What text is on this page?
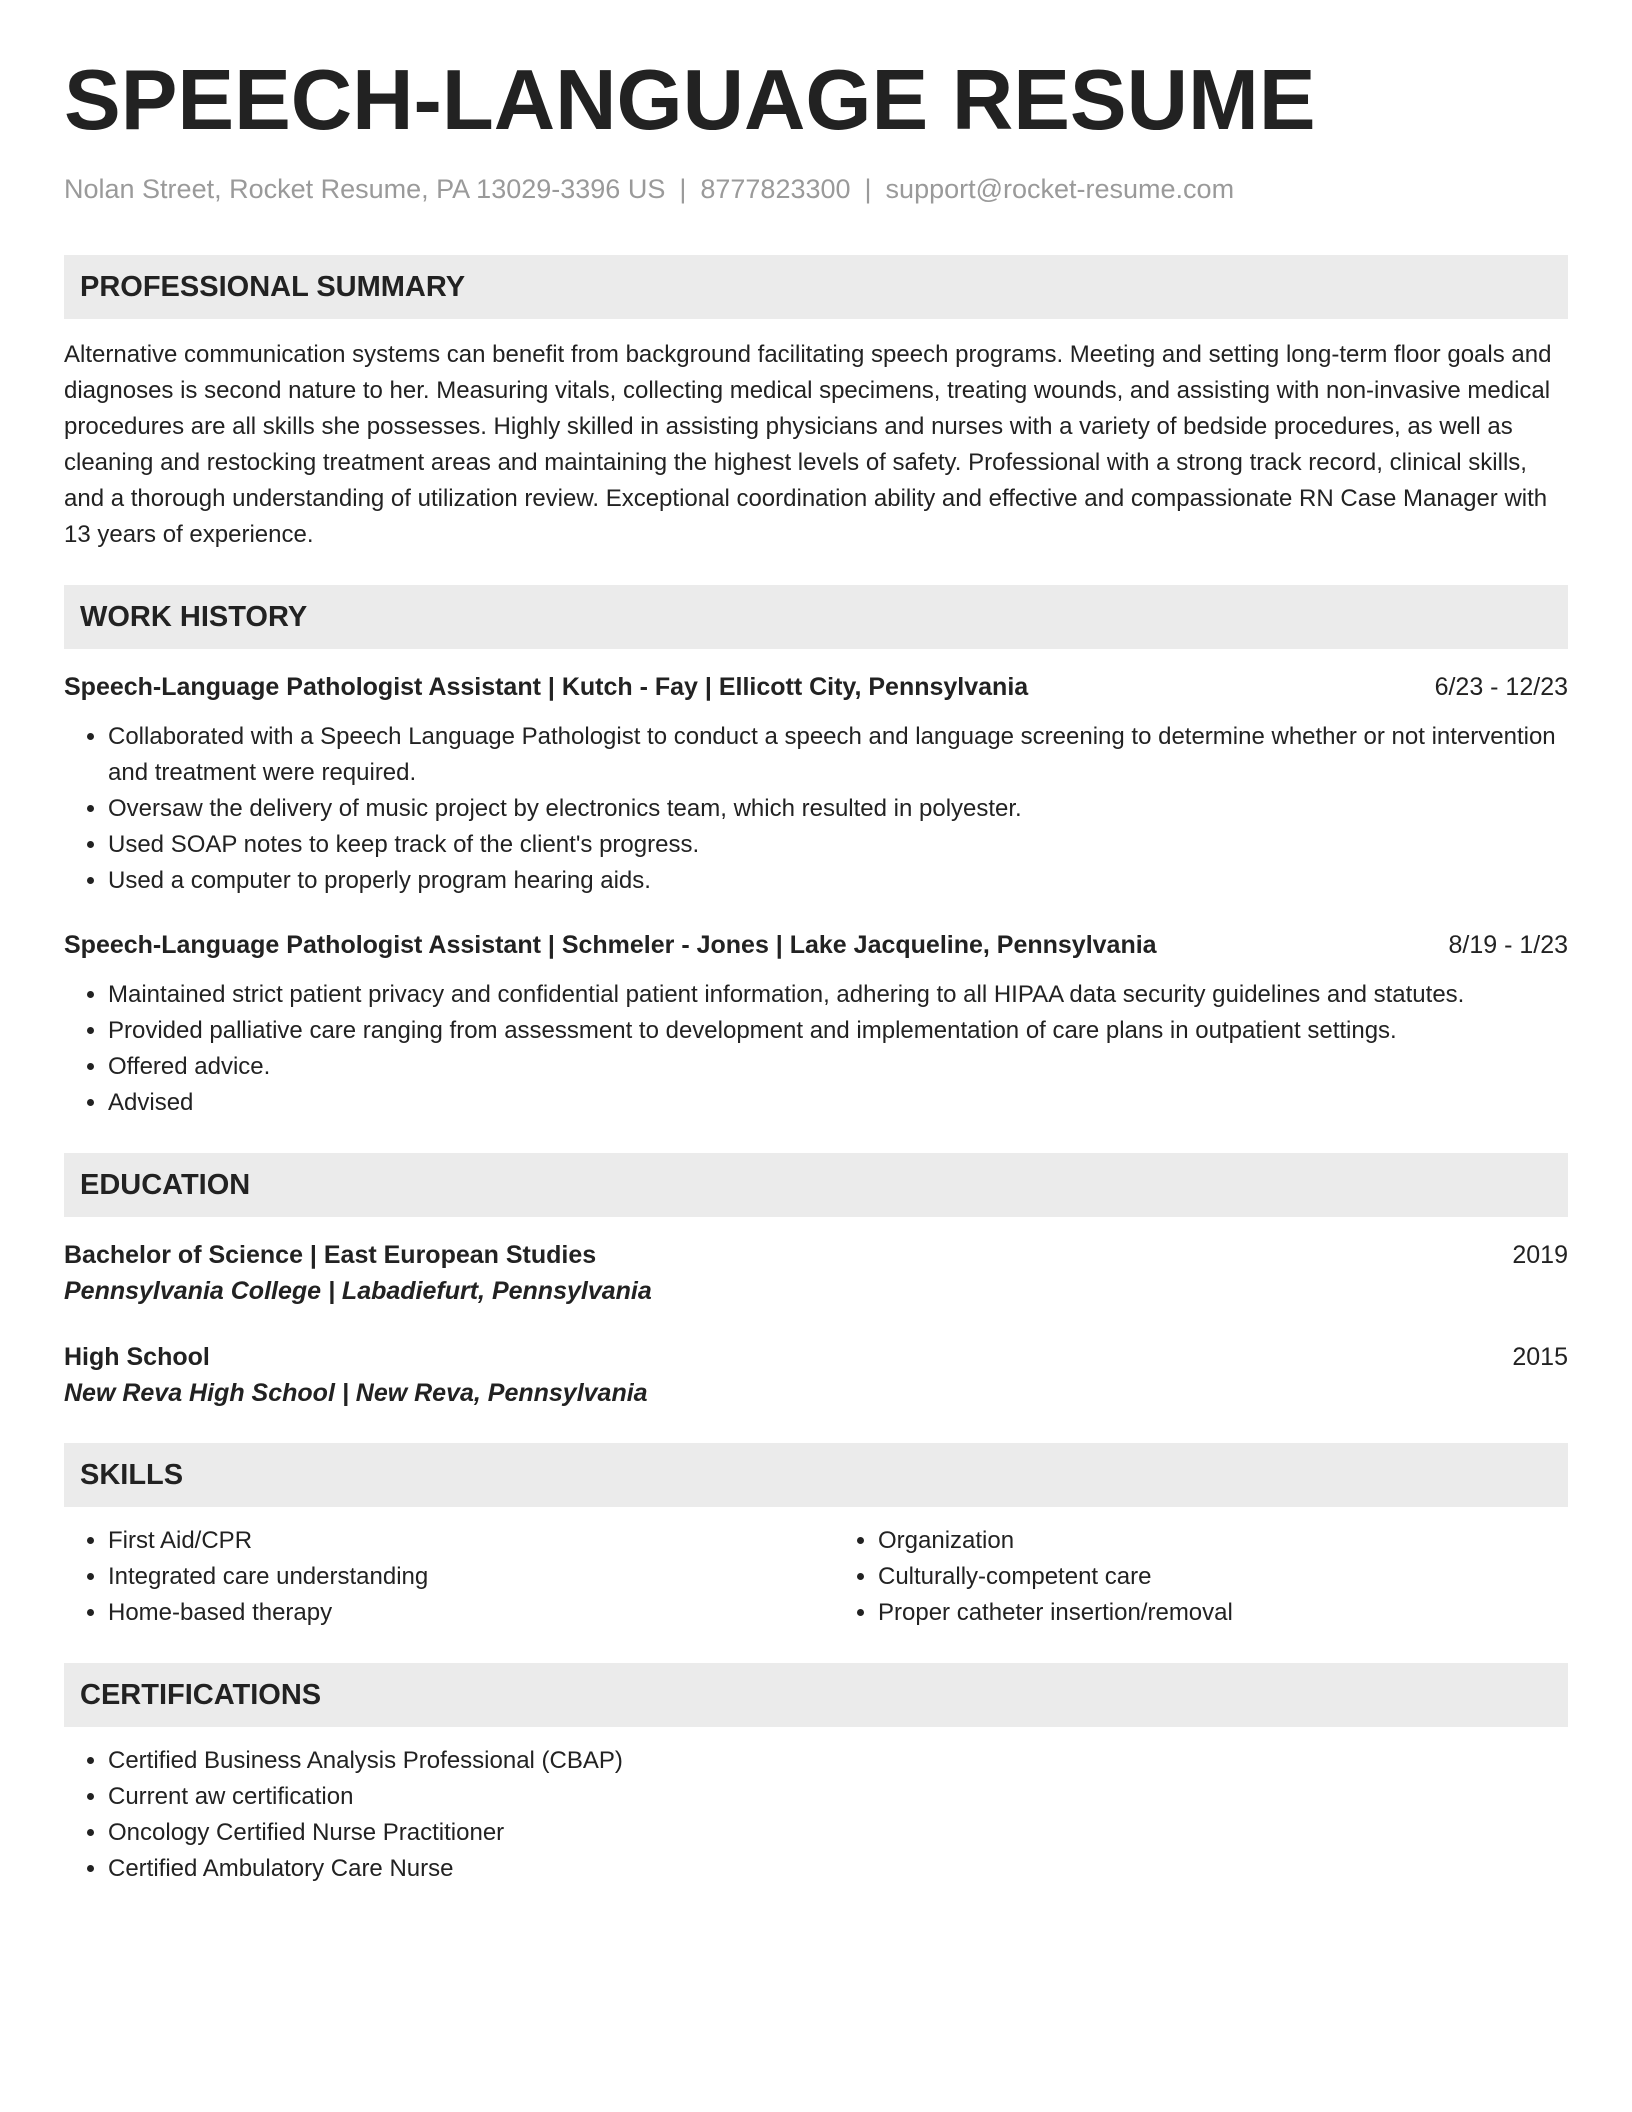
SPEECH-LANGUAGE RESUME
Nolan Street, Rocket Resume, PA 13029-3396 US | 8777823300 | support@rocket-resume.com
PROFESSIONAL SUMMARY
Alternative communication systems can benefit from background facilitating speech programs. Meeting and setting long-term floor goals and diagnoses is second nature to her. Measuring vitals, collecting medical specimens, treating wounds, and assisting with non-invasive medical procedures are all skills she possesses. Highly skilled in assisting physicians and nurses with a variety of bedside procedures, as well as cleaning and restocking treatment areas and maintaining the highest levels of safety. Professional with a strong track record, clinical skills, and a thorough understanding of utilization review. Exceptional coordination ability and effective and compassionate RN Case Manager with 13 years of experience.
WORK HISTORY
Speech-Language Pathologist Assistant | Kutch - Fay | Ellicott City, Pennsylvania	6/23 - 12/23
• Collaborated with a Speech Language Pathologist to conduct a speech and language screening to determine whether or not intervention and treatment were required.
• Oversaw the delivery of music project by electronics team, which resulted in polyester.
• Used SOAP notes to keep track of the client's progress.
• Used a computer to properly program hearing aids.
Speech-Language Pathologist Assistant | Schmeler - Jones | Lake Jacqueline, Pennsylvania	8/19 - 1/23
• Maintained strict patient privacy and confidential patient information, adhering to all HIPAA data security guidelines and statutes.
• Provided palliative care ranging from assessment to development and implementation of care plans in outpatient settings.
• Offered advice.
• Advised
EDUCATION
Bachelor of Science | East European Studies	2019
Pennsylvania College | Labadiefurt, Pennsylvania
High School	2015
New Reva High School | New Reva, Pennsylvania
SKILLS
• First Aid/CPR
• Integrated care understanding
• Home-based therapy
• Organization
• Culturally-competent care
• Proper catheter insertion/removal
CERTIFICATIONS
• Certified Business Analysis Professional (CBAP)
• Current aw certification
• Oncology Certified Nurse Practitioner
• Certified Ambulatory Care Nurse
